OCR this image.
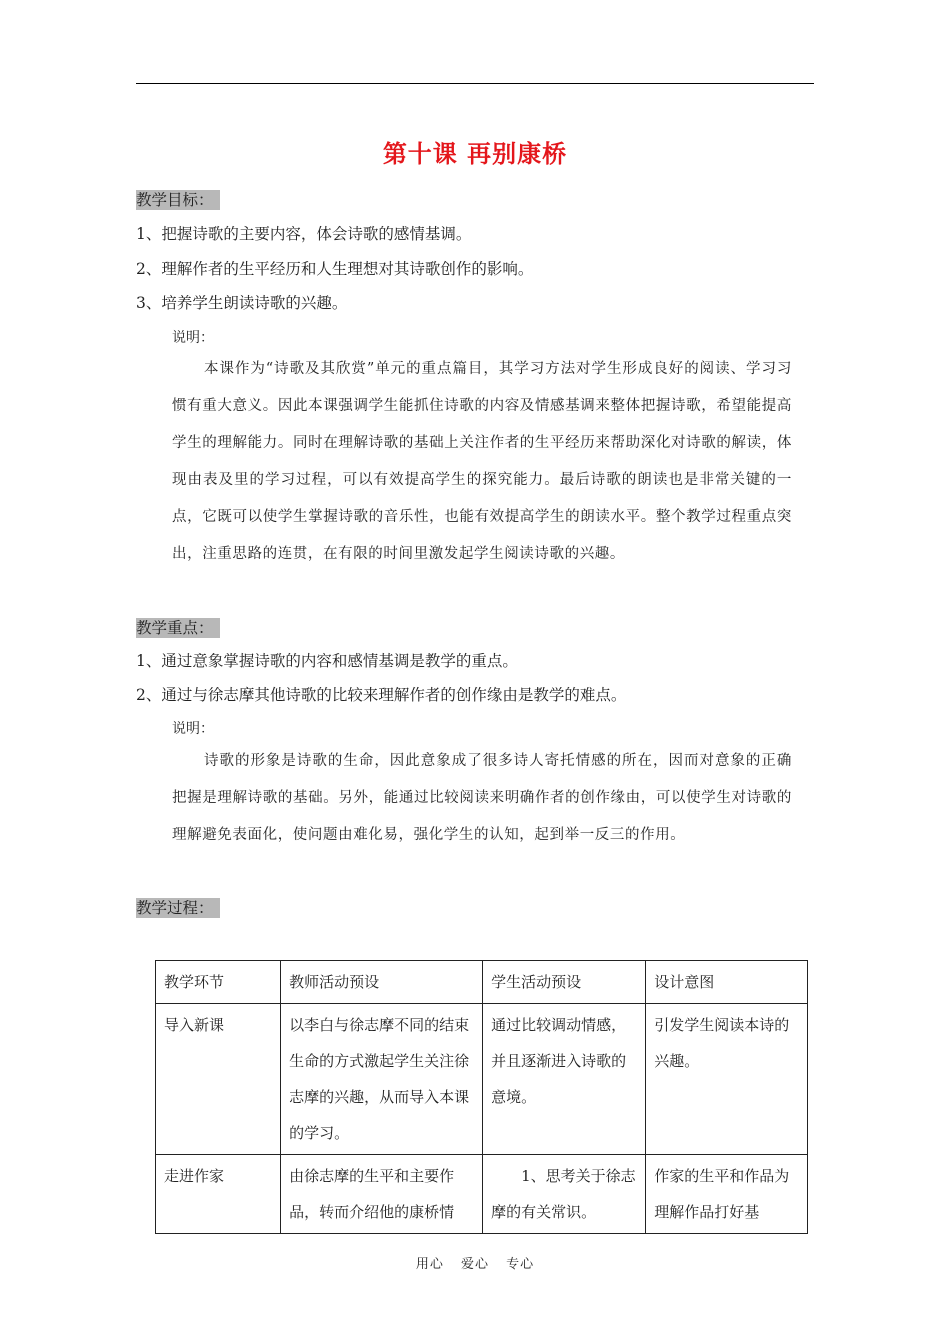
第十课 再别康桥
教学目标：
1、把握诗歌的主要内容，体会诗歌的感情基调。
2、理解作者的生平经历和人生理想对其诗歌创作的影响。
3、培养学生朗读诗歌的兴趣。
说明：
本课作为“诗歌及其欣赏”单元的重点篇目，其学习方法对学生形成良好的阅读、学习习惯有重大意义。因此本课强调学生能抓住诗歌的内容及情感基调来整体把握诗歌，希望能提高学生的理解能力。同时在理解诗歌的基础上关注作者的生平经历来帮助深化对诗歌的解读，体现由表及里的学习过程，可以有效提高学生的探究能力。最后诗歌的朗读也是非常关键的一点，它既可以使学生掌握诗歌的音乐性，也能有效提高学生的朗读水平。整个教学过程重点突出，注重思路的连贯，在有限的时间里激发起学生阅读诗歌的兴趣。
教学重点：
1、通过意象掌握诗歌的内容和感情基调是教学的重点。
2、通过与徐志摩其他诗歌的比较来理解作者的创作缘由是教学的难点。
说明：
诗歌的形象是诗歌的生命，因此意象成了很多诗人寄托情感的所在，因而对意象的正确把握是理解诗歌的基础。另外，能通过比较阅读来明确作者的创作缘由，可以使学生对诗歌的理解避免表面化，使问题由难化易，强化学生的认知，起到举一反三的作用。
教学过程：
教学环节	教师活动预设	学生活动预设	设计意图
导入新课	以李白与徐志摩不同的结束生命的方式激起学生关注徐志摩的兴趣，从而导入本课的学习。	通过比较调动情感，并且逐渐进入诗歌的意境。	引发学生阅读本诗的兴趣。
走进作家	由徐志摩的生平和主要作品，转而介绍他的康桥情	1、思考关于徐志摩的有关常识。	作家的生平和作品为理解作品打好基
用心 爱心 专心
